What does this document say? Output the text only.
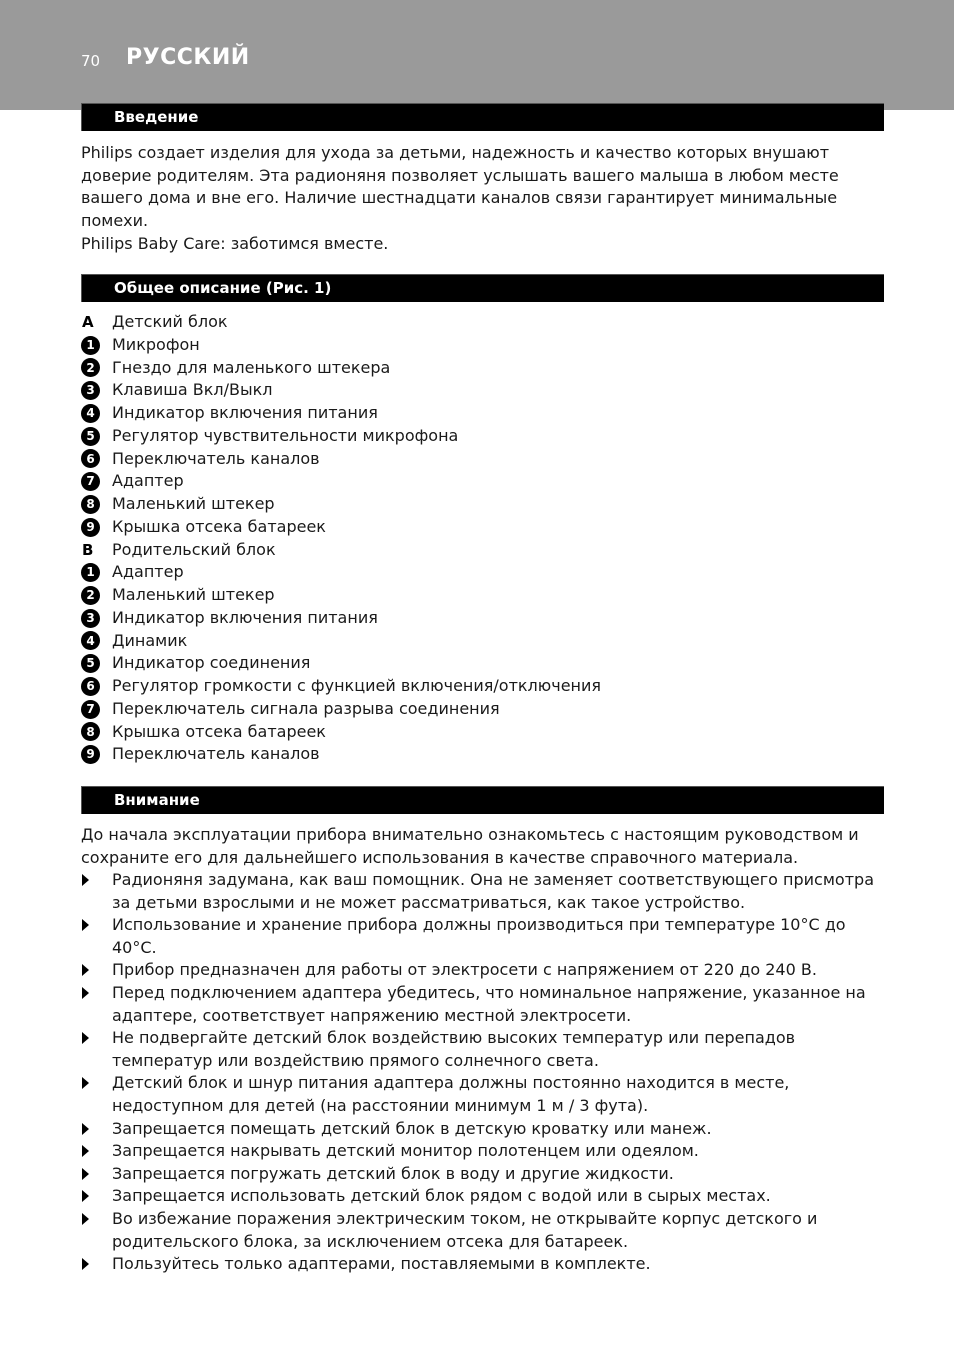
70 РУССКИЙ
Введение

Philips создает изделия для ухода за детьми, надежность и качество которых внушают доверие родителям. Эта радионяня позволяет услышать вашего малыша в любом месте вашего дома и вне его. Наличие шестнадцати каналов связи гарантирует минимальные помехи.

Philips Baby Care: заботимся вместе.

Общее описание (Рис. 1)
A Детский блок
1	Микрофон
2	Гнездо для маленького штекера
3	Клавиша Вкл/Выкл
4	Индикатор включения питания
5	Регулятор чувствительности микрофона
6	Переключатель каналов
7	Адаптер
8	Маленький штекер
9	Крышка отсека батареек
B Родительский блок
1	Адаптер
2	Маленький штекер
3	Индикатор включения питания
4	Динамик
5	Индикатор соединения
6	Регулятор громкости с функцией включения/отключения
7	Переключатель сигнала разрыва соединения
8	Крышка отсека батареек
9	Переключатель каналов
Внимание

До начала эксплуатации прибора внимательно ознакомьтесь с настоящим руководством и сохраните его для дальнейшего использования в качестве справочного материала.

Радионяня задумана, как ваш помощник. Она не заменяет соответствующего присмотра за детьми взрослыми и не может рассматриваться, как такое устройство.
Использование и хранение прибора должны производиться при температуре 10°C до 40°C.
Прибор предназначен для работы от электросети с напряжением от 220 до 240 В.
Перед подключением адаптера убедитесь, что номинальное напряжение, указанное на адаптере, соответствует напряжению местной электросети.
Не подвергайте детский блок воздействию высоких температур или перепадов температур или воздействию прямого солнечного света.
Детский блок и шнур питания адаптера должны постоянно находится в месте, недоступном для детей (на расстоянии минимум 1 м / 3 фута).
Запрещается помещать детский блок в детскую кроватку или манеж.
Запрещается накрывать детский монитор полотенцем или одеялом.
Запрещается погружать детский блок в воду и другие жидкости.
Запрещается использовать детский блок рядом с водой или в сырых местах.
Во избежание поражения электрическим током, не открывайте корпус детского и родительского блока, за исключением отсека для батареек.
Пользуйтесь только адаптерами, поставляемыми в комплекте.
